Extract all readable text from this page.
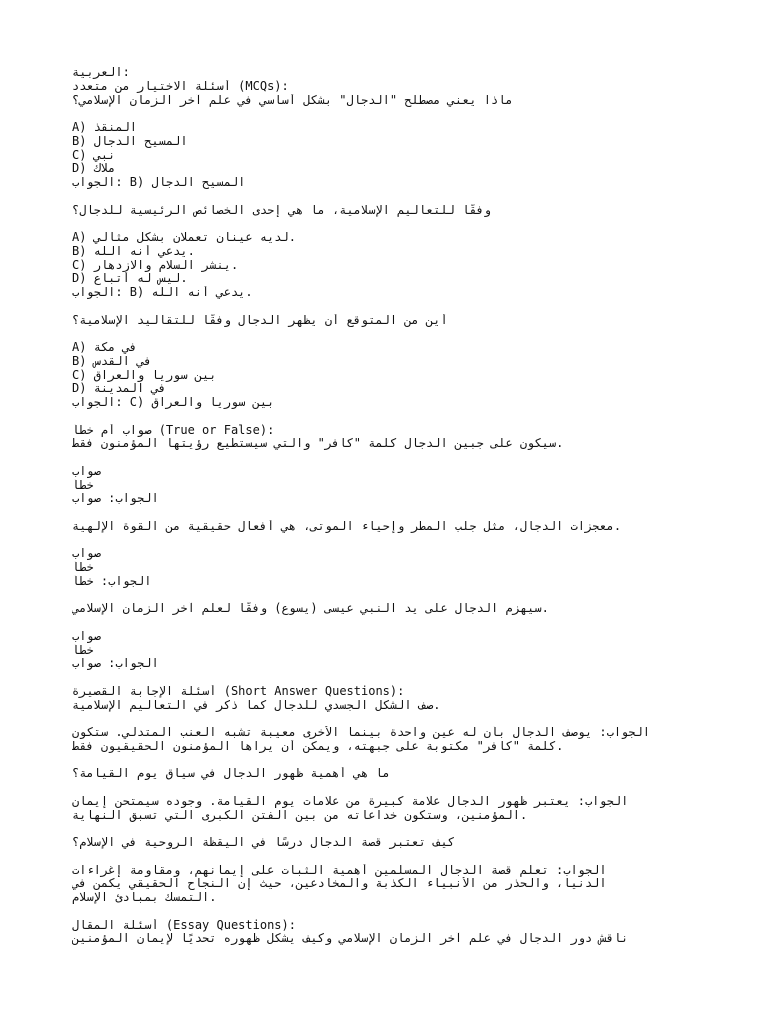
العربية:
أسئلة الاختيار من متعدد (MCQs):
ماذا يعني مصطلح "الدجال" بشكل أساسي في علم آخر الزمان الإسلامي؟
A) المنقذ
B) المسيح الدجال
C) نبي
D) ملاك
الجواب: B) المسيح الدجال
وفقًا للتعاليم الإسلامية، ما هي إحدى الخصائص الرئيسية للدجال؟
A) لديه عينان تعملان بشكل مثالي.
B) يدعي أنه الله.
C) ينشر السلام والازدهار.
D) ليس له أتباع.
الجواب: B) يدعي أنه الله.
أين من المتوقع أن يظهر الدجال وفقًا للتقاليد الإسلامية؟
A) في مكة
B) في القدس
C) بين سوريا والعراق
D) في المدينة
الجواب: C) بين سوريا والعراق
صواب أم خطأ (True or False):
سيكون على جبين الدجال كلمة "كافر" والتي سيستطيع رؤيتها المؤمنون فقط.
صواب
خطأ
الجواب: صواب
معجزات الدجال، مثل جلب المطر وإحياء الموتى، هي أفعال حقيقية من القوة الإلهية.
صواب
خطأ
الجواب: خطأ
سيهزم الدجال على يد النبي عيسى (يسوع) وفقًا لعلم آخر الزمان الإسلامي.
صواب
خطأ
الجواب: صواب
أسئلة الإجابة القصيرة (Short Answer Questions):
صف الشكل الجسدي للدجال كما ذكر في التعاليم الإسلامية.
الجواب: يوصف الدجال بأن له عين واحدة بينما الأخرى معيبة تشبه العنب المتدلي. ستكون
كلمة "كافر" مكتوبة على جبهته، ويمكن أن يراها المؤمنون الحقيقيون فقط.
ما هي أهمية ظهور الدجال في سياق يوم القيامة؟
الجواب: يعتبر ظهور الدجال علامة كبيرة من علامات يوم القيامة. وجوده سيمتحن إيمان
المؤمنين، وستكون خداعاته من بين الفتن الكبرى التي تسبق النهاية.
كيف تعتبر قصة الدجال درسًا في اليقظة الروحية في الإسلام؟
الجواب: تعلم قصة الدجال المسلمين أهمية الثبات على إيمانهم، ومقاومة إغراءات
الدنيا، والحذر من الأنبياء الكذبة والمخادعين، حيث إن النجاح الحقيقي يكمن في
التمسك بمبادئ الإسلام.
أسئلة المقال (Essay Questions):
ناقش دور الدجال في علم آخر الزمان الإسلامي وكيف يشكل ظهوره تحديًا لإيمان المؤمنين
